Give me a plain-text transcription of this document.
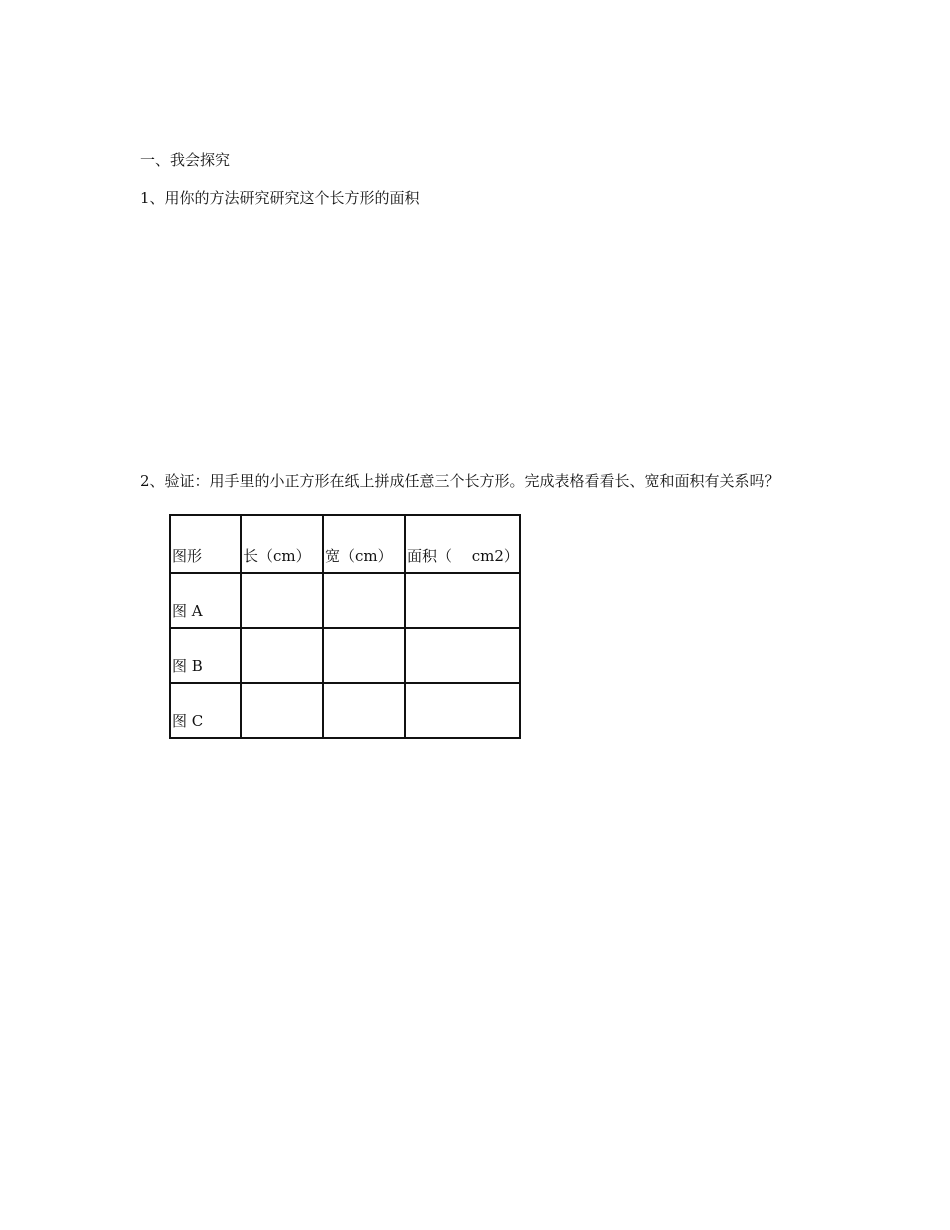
一、我会探究
1、用你的方法研究研究这个长方形的面积
2、验证：用手里的小正方形在纸上拼成任意三个长方形。完成表格看看长、宽和面积有关系吗？
图形	长（cm）	宽（cm）	面积（　 cm2）
图 A			
图 B			
图 C			
